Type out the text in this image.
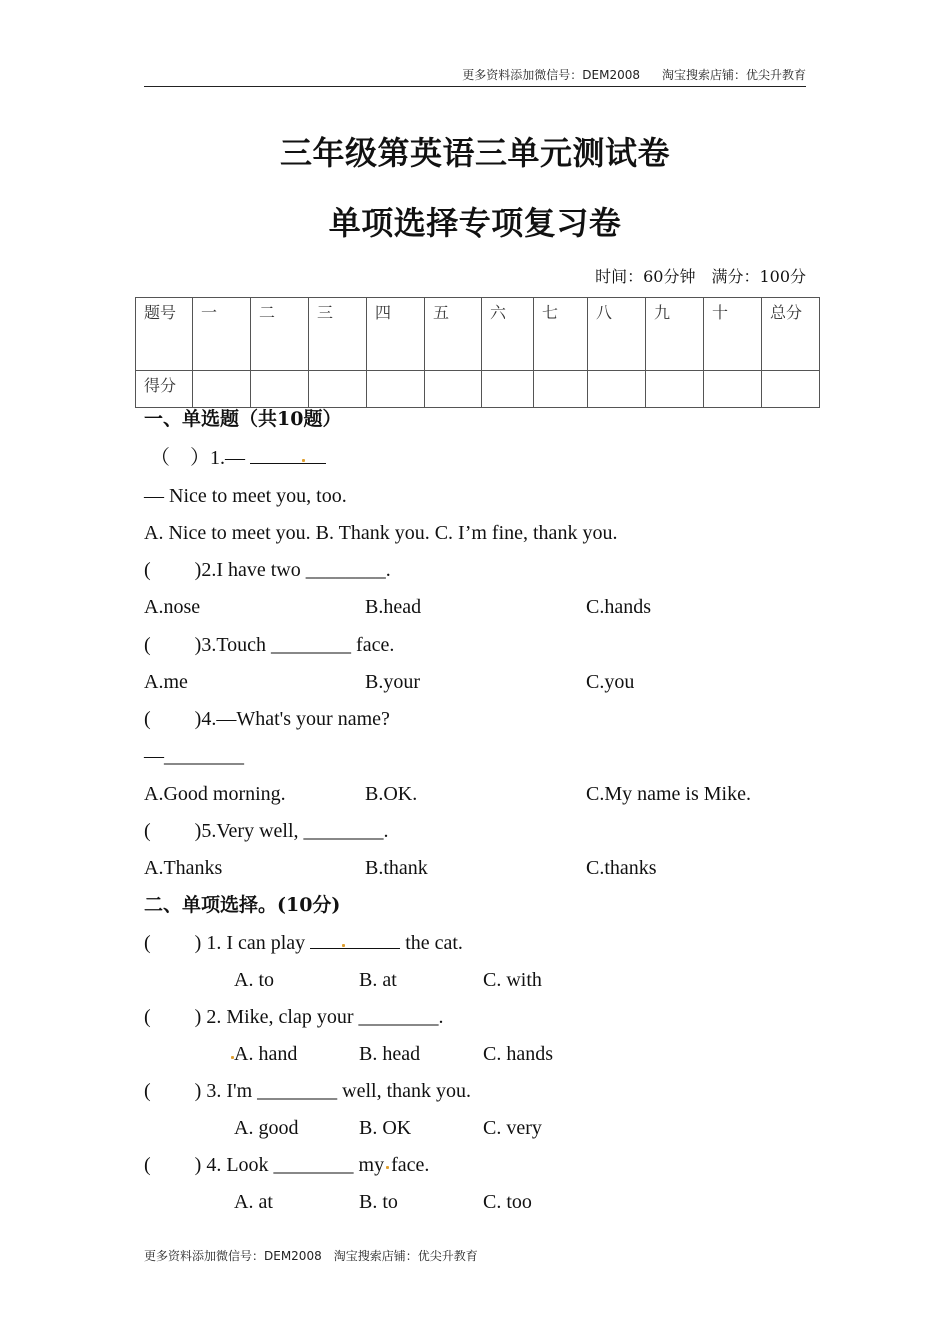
更多资料添加微信号：DEM2008 淘宝搜索店铺：优尖升教育
三年级第英语三单元测试卷
单项选择专项复习卷
时间：60分钟 满分：100分
题号	一	二	三	四	五	六	七	八	九	十	总分
得分											
一、单选题（共10题）
（　）1.—
— Nice to meet you, too.
A. Nice to meet you. B. Thank you. C. I’m fine, thank you.
( )2.I have two ________.
A.nose	B.head	C.hands
( )3.Touch ________ face.
A.me	B.your	C.you
( )4.—What's your name?
—________
A.Good morning.	B.OK.	C.My name is Mike.
( )5.Very well, ________.
A.Thanks	B.thank	C.thanks
二、单项选择。(10分)
( ) 1. I can play	the cat.
A. to	B. at	C. with
( ) 2. Mike, clap your ________.
A. hand	B. head	C. hands
( ) 3. I'm ________ well, thank you.
A. good	B. OK	C. very
( ) 4. Look ________ my face.
A. at	B. to	C. too
更多资料添加微信号：DEM2008 淘宝搜索店铺：优尖升教育
